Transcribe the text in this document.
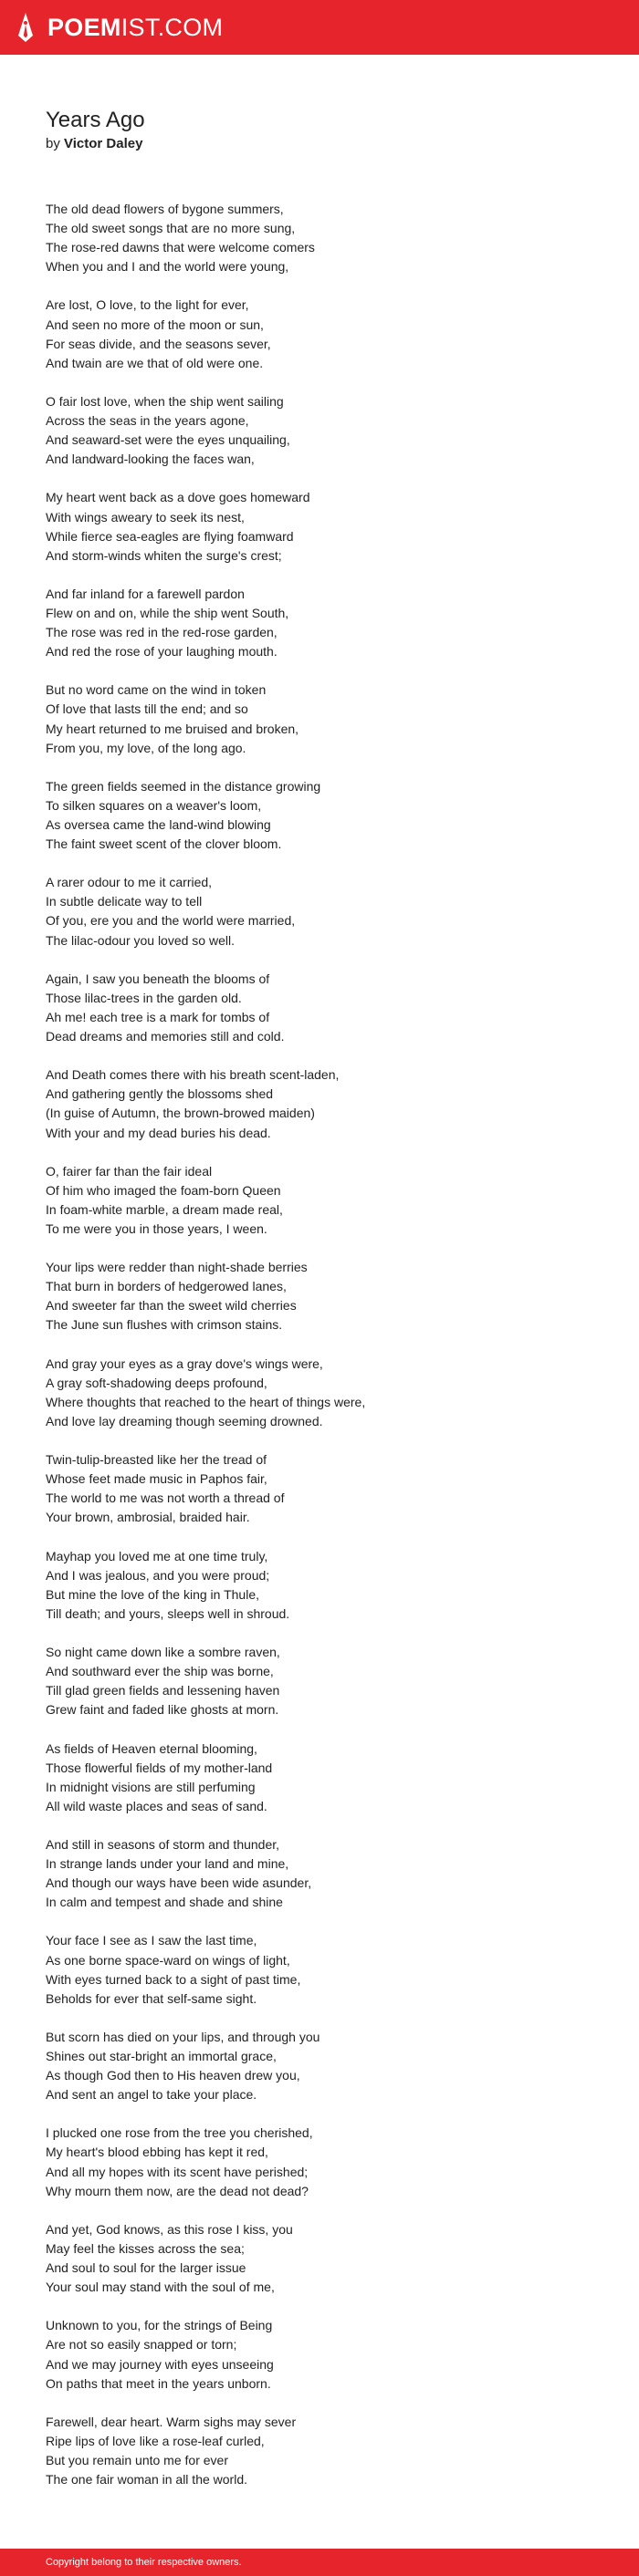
POEMIST.COM
Years Ago
by Victor Daley
The old dead flowers of bygone summers,
The old sweet songs that are no more sung,
The rose-red dawns that were welcome comers
When you and I and the world were young,
Are lost, O love, to the light for ever,
And seen no more of the moon or sun,
For seas divide, and the seasons sever,
And twain are we that of old were one.
O fair lost love, when the ship went sailing
Across the seas in the years agone,
And seaward-set were the eyes unquailing,
And landward-looking the faces wan,
My heart went back as a dove goes homeward
With wings aweary to seek its nest,
While fierce sea-eagles are flying foamward
And storm-winds whiten the surge's crest;
And far inland for a farewell pardon
Flew on and on, while the ship went South,
The rose was red in the red-rose garden,
And red the rose of your laughing mouth.
But no word came on the wind in token
Of love that lasts till the end; and so
My heart returned to me bruised and broken,
From you, my love, of the long ago.
The green fields seemed in the distance growing
To silken squares on a weaver's loom,
As oversea came the land-wind blowing
The faint sweet scent of the clover bloom.
A rarer odour to me it carried,
In subtle delicate way to tell
Of you, ere you and the world were married,
The lilac-odour you loved so well.
Again, I saw you beneath the blooms of
Those lilac-trees in the garden old.
Ah me! each tree is a mark for tombs of
Dead dreams and memories still and cold.
And Death comes there with his breath scent-laden,
And gathering gently the blossoms shed
(In guise of Autumn, the brown-browed maiden)
With your and my dead buries his dead.
O, fairer far than the fair ideal
Of him who imaged the foam-born Queen
In foam-white marble, a dream made real,
To me were you in those years, I ween.
Your lips were redder than night-shade berries
That burn in borders of hedgerowed lanes,
And sweeter far than the sweet wild cherries
The June sun flushes with crimson stains.
And gray your eyes as a gray dove's wings were,
A gray soft-shadowing deeps profound,
Where thoughts that reached to the heart of things were,
And love lay dreaming though seeming drowned.
Twin-tulip-breasted like her the tread of
Whose feet made music in Paphos fair,
The world to me was not worth a thread of
Your brown, ambrosial, braided hair.
Mayhap you loved me at one time truly,
And I was jealous, and you were proud;
But mine the love of the king in Thule,
Till death; and yours, sleeps well in shroud.
So night came down like a sombre raven,
And southward ever the ship was borne,
Till glad green fields and lessening haven
Grew faint and faded like ghosts at morn.
As fields of Heaven eternal blooming,
Those flowerful fields of my mother-land
In midnight visions are still perfuming
All wild waste places and seas of sand.
And still in seasons of storm and thunder,
In strange lands under your land and mine,
And though our ways have been wide asunder,
In calm and tempest and shade and shine
Your face I see as I saw the last time,
As one borne space-ward on wings of light,
With eyes turned back to a sight of past time,
Beholds for ever that self-same sight.
But scorn has died on your lips, and through you
Shines out star-bright an immortal grace,
As though God then to His heaven drew you,
And sent an angel to take your place.
I plucked one rose from the tree you cherished,
My heart's blood ebbing has kept it red,
And all my hopes with its scent have perished;
Why mourn them now, are the dead not dead?
And yet, God knows, as this rose I kiss, you
May feel the kisses across the sea;
And soul to soul for the larger issue
Your soul may stand with the soul of me,
Unknown to you, for the strings of Being
Are not so easily snapped or torn;
And we may journey with eyes unseeing
On paths that meet in the years unborn.
Farewell, dear heart. Warm sighs may sever
Ripe lips of love like a rose-leaf curled,
But you remain unto me for ever
The one fair woman in all the world.
Copyright belong to their respective owners.
